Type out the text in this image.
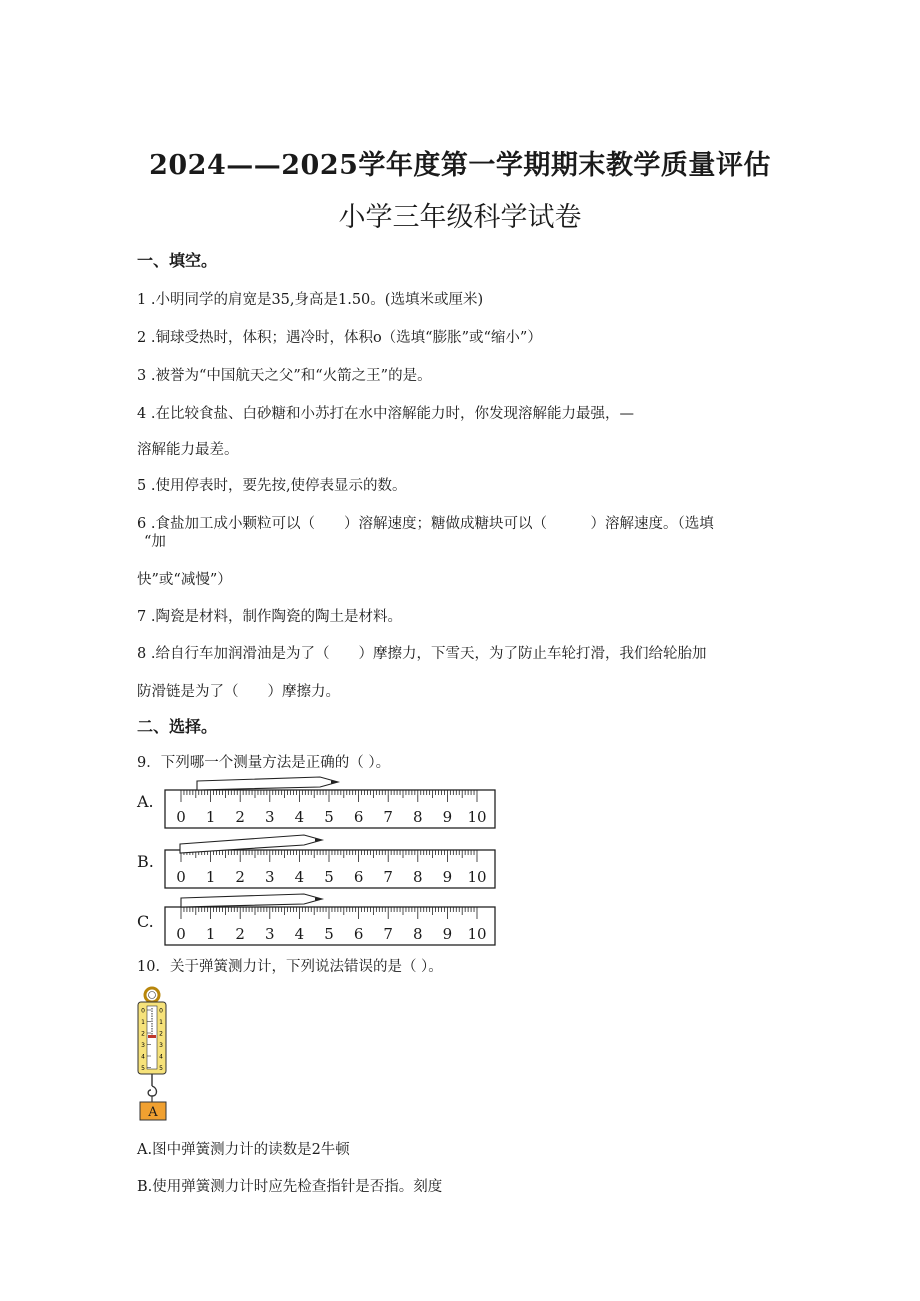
2024——2025学年度第一学期期末教学质量评估
小学三年级科学试卷
一、填空。
1 .小明同学的肩宽是35,身高是1.50。(选填米或厘米)
2 .铜球受热时，体积；遇冷时，体积o（选填“膨胀”或“缩小”）
3 .被誉为“中国航天之父”和“火箭之王”的是。
4 .在比较食盐、白砂糖和小苏打在水中溶解能力时，你发现溶解能力最强，—
溶解能力最差。
5 .使用停表时，要先按,使停表显示的数。
6 .食盐加工成小颗粒可以（　　）溶解速度；糖做成糖块可以（　　　）溶解速度。（选填
“加
快”或“减慢”）
7 .陶瓷是材料，制作陶瓷的陶土是材料。
8 .给自行车加润滑油是为了（　　）摩擦力，下雪天，为了防止车轮打滑，我们给轮胎加
防滑链是为了（　　）摩擦力。
二、选择。
9．下列哪一个测量方法是正确的（ ）。
A.
0 1 2 3 4 5 6 7 8 9 10
B.
0 1 2 3 4 5 6 7 8 9 10
C.
0 1 2 3 4 5 6 7 8 9 10
10．关于弹簧测力计，下列说法错误的是（ ）。
0 0
1 1
2 2
3 3
4 4
5 5
A
A.图中弹簧测力计的读数是2牛顿
B.使用弹簧测力计时应先检查指针是否指。刻度
